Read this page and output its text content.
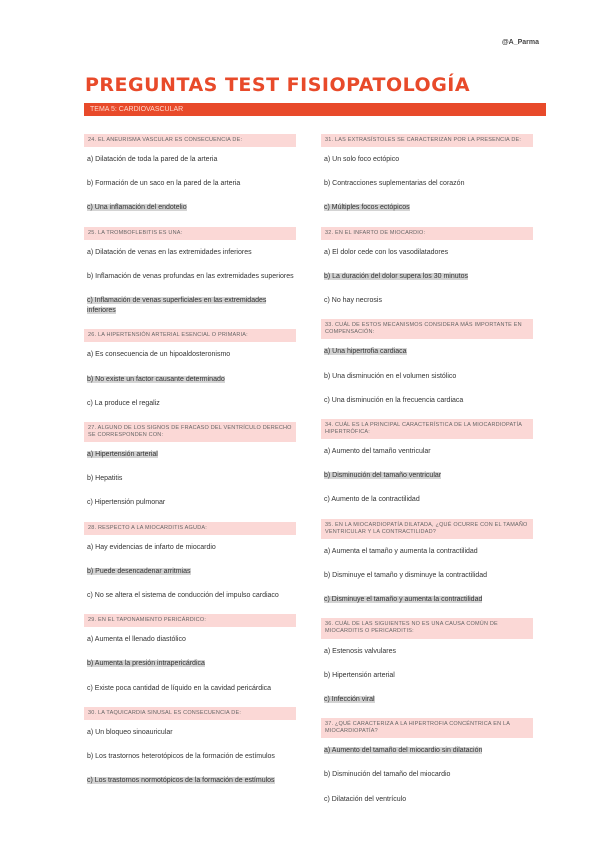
@A_Parma
PREGUNTAS TEST FISIOPATOLOGÍA
TEMA 5: CARDIOVASCULAR
24. EL ANEURISMA VASCULAR ES CONSECUENCIA DE:
a) Dilatación de toda la pared de la arteria
b) Formación de un saco en la pared de la arteria
c) Una inflamación del endotelio
25. LA TROMBOFLEBITIS ES UNA:
a) Dilatación de venas en las extremidades inferiores
b) Inflamación de venas profundas en las extremidades superiores
c) Inflamación de venas superficiales en las extremidades inferiores
26. LA HIPERTENSIÓN ARTERIAL ESENCIAL O PRIMARIA:
a) Es consecuencia de un hipoaldosteronismo
b) No existe un factor causante determinado
c) La produce el regaliz
27. ALGUNO DE LOS SIGNOS DE FRACASO DEL VENTRÍCULO DERECHO SE CORRESPONDEN CON:
a) Hipertensión arterial
b) Hepatitis
c) Hipertensión pulmonar
28. RESPECTO A LA MIOCARDITIS AGUDA:
a) Hay evidencias de infarto de miocardio
b) Puede desencadenar arritmias
c) No se altera el sistema de conducción del impulso cardiaco
29. EN EL TAPONAMIENTO PERICÁRDICO:
a) Aumenta el llenado diastólico
b) Aumenta la presión intrapericárdica
c) Existe poca cantidad de líquido en la cavidad pericárdica
30. LA TAQUICARDIA SINUSAL ES CONSECUENCIA DE:
a) Un bloqueo sinoauricular
b) Los trastornos heterotópicos de la formación de estímulos
c) Los trastornos normotópicos de la formación de estímulos
31. LAS EXTRASÍSTOLES SE CARACTERIZAN POR LA PRESENCIA DE:
a) Un solo foco ectópico
b) Contracciones suplementarias del corazón
c) Múltiples focos ectópicos
32. EN EL INFARTO DE MIOCARDIO:
a) El dolor cede con los vasodilatadores
b) La duración del dolor supera los 30 minutos
c) No hay necrosis
33. CUÁL DE ESTOS MECANISMOS CONSIDERA MÁS IMPORTANTE EN COMPENSACIÓN:
a) Una hipertrofia cardiaca
b) Una disminución en el volumen sistólico
c) Una disminución en la frecuencia cardiaca
34. CUÁL ES LA PRINCIPAL CARACTERÍSTICA DE LA MIOCARDIOPATÍA HIPERTRÓFICA:
a) Aumento del tamaño ventricular
b) Disminución del tamaño ventricular
c) Aumento de la contractilidad
35. EN LA MIOCARDIOPATÍA DILATADA, ¿QUÉ OCURRE CON EL TAMAÑO VENTRICULAR Y LA CONTRACTILIDAD?
a) Aumenta el tamaño y aumenta la contractilidad
b) Disminuye el tamaño y disminuye la contractilidad
c) Disminuye el tamaño y aumenta la contractilidad
36. CUÁL DE LAS SIGUIENTES NO ES UNA CAUSA COMÚN DE MIOCARDITIS O PERICARDITIS:
a) Estenosis valvulares
b) Hipertensión arterial
c) Infección viral
37. ¿QUÉ CARACTERIZA A LA HIPERTROFIA CONCÉNTRICA EN LA MIOCARDIOPATÍA?
a) Aumento del tamaño del miocardio sin dilatación
b) Disminución del tamaño del miocardio
c) Dilatación del ventrículo
